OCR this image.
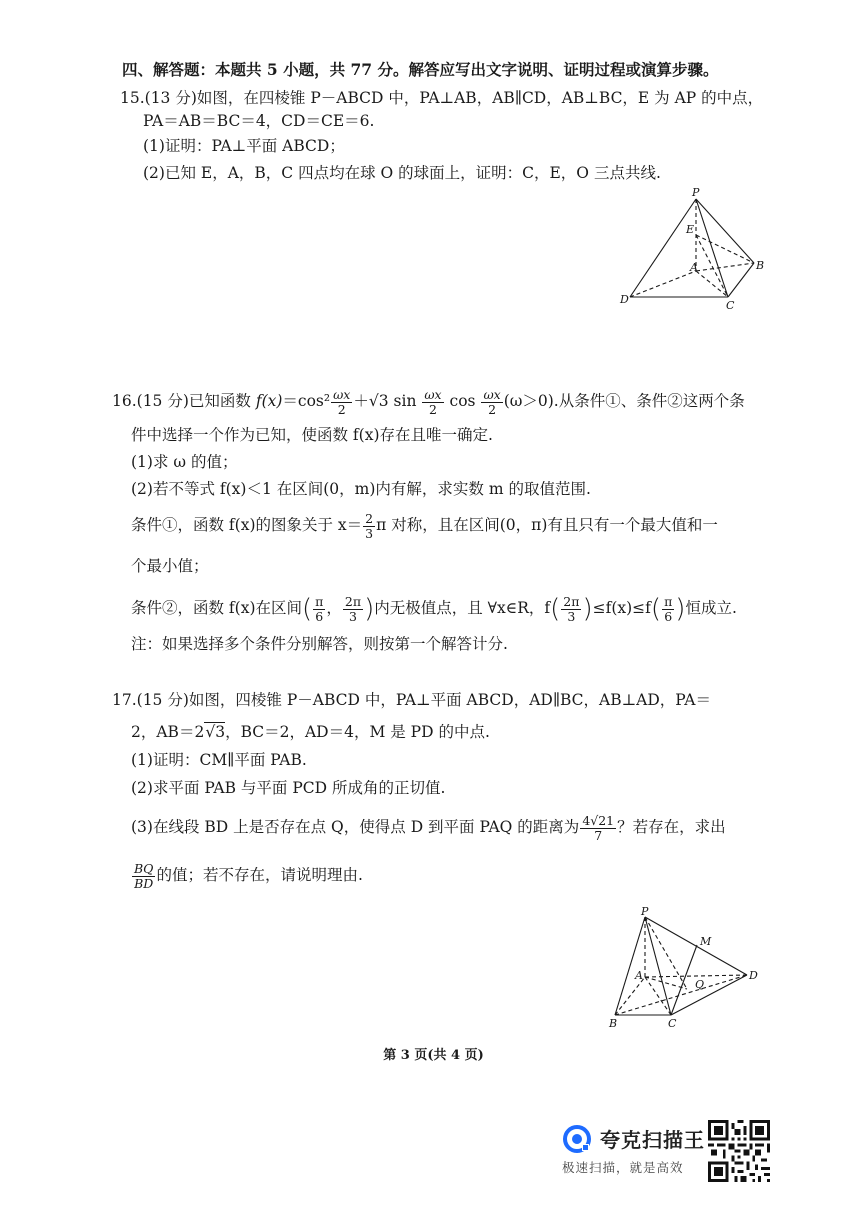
四、解答题：本题共 5 小题，共 77 分。解答应写出文字说明、证明过程或演算步骤。
15.(13 分)如图，在四棱锥 P－ABCD 中，PA⊥AB，AB∥CD，AB⊥BC，E 为 AP 的中点，
PA＝AB＝BC＝4，CD＝CE＝6.
(1)证明：PA⊥平面 ABCD；
(2)已知 E，A，B，C 四点均在球 O 的球面上，证明：C，E，O 三点共线.
P
E
A	B
C
D
16.(15 分)已知函数 $f(x)=\cos^2 \frac{\omega x}{2} +√3$ $\sin \frac{\omega x}{2}$ $\cos \frac{\omega x}{2} (\omega>0)$.从条件①、条件②这两个条
件中选择一个作为已知，使函数 f(x)存在且唯一确定.
(1)求 ω 的值；
(2)若不等式 f(x)＜1 在区间(0，m)内有解，求实数 m 的取值范围.
条件①，函数 f(x)的图象关于 $x= \frac{2}{3}$ π 对称，且在区间(0，π)有且只有一个最大值和一
个最小值；
条件②，函数 f(x)在区间( $\frac{\pi}{6}$ ， $\frac{2\pi}{3}$ )内无极值点，且 ∀x∈R，$f( \frac{2\pi}{3} )\le f(x)\le f( \frac{\pi}{6}$ )恒成立.
注：如果选择多个条件分别解答，则按第一个解答计分.
17.(15 分)如图，四棱锥 P－ABCD 中，PA⊥平面 ABCD，AD∥BC，AB⊥AD，PA＝
2，AB＝2√3，BC＝2，AD＝4，M 是 PD 的中点.
(1)证明：CM∥平面 PAB.
(2)求平面 PAB 与平面 PCD 所成角的正切值.
(3)在线段 BD 上是否存在点 Q，使得点 D 到平面 PAQ 的距离为 $\frac{4√21}{7}$ ？若存在，求出
$\frac{BQ}{BD}$ 的值；若不存在，请说明理由.
P
M
A
Q
D
B	C
第 3 页(共 4 页)
夸克扫描王
极速扫描，就是高效
